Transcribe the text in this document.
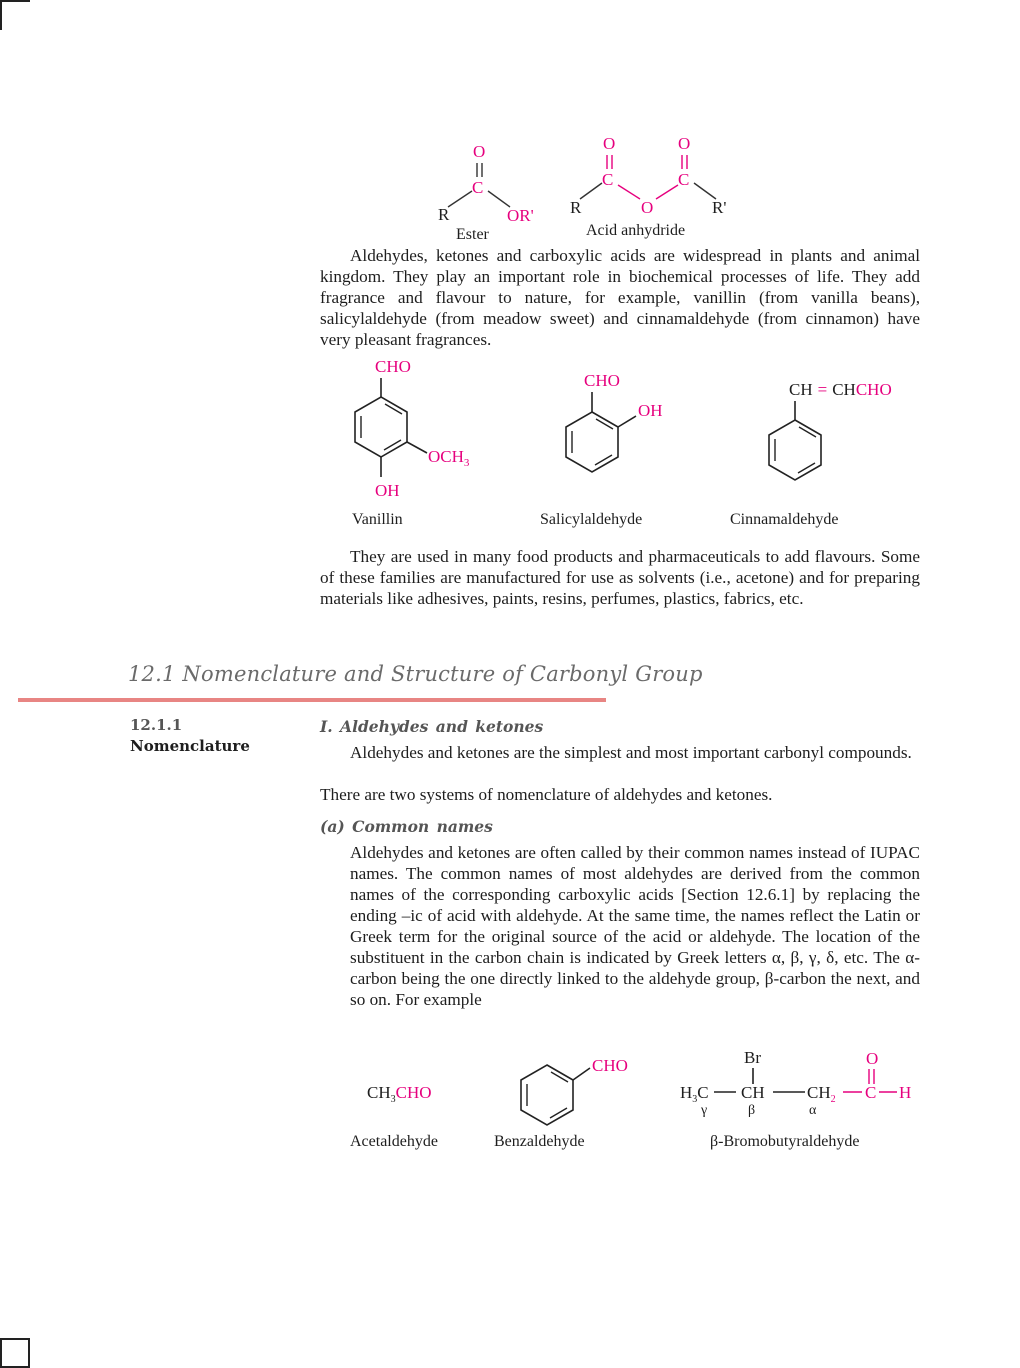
O
C
R	OR'
Ester
O
C
O
C
O
R	R'
Acid anhydride
Aldehydes, ketones and carboxylic acids are widespread in plants and animal kingdom. They play an important role in biochemical processes of life. They add fragrance and flavour to nature, for example, vanillin (from vanilla beans), salicylaldehyde (from meadow sweet) and cinnamaldehyde (from cinnamon) have very pleasant fragrances.
CHO
$OCH_3$
OH
Vanillin
CHO
OH
Salicylaldehyde
CH = CHCHO
Cinnamaldehyde
They are used in many food products and pharmaceuticals to add flavours. Some of these families are manufactured for use as solvents (i.e., acetone) and for preparing materials like adhesives, paints, resins, perfumes, plastics, fabrics, etc.
12.1 Nomenclature and Structure of Carbonyl Group
12.1.1
Nomenclature
I. Aldehydes and ketones
Aldehydes and ketones are the simplest and most important carbonyl compounds.
There are two systems of nomenclature of aldehydes and ketones.
(a) Common names
Aldehydes and ketones are often called by their common names instead of IUPAC names. The common names of most aldehydes are derived from the common names of the corresponding carboxylic acids [Section 12.6.1] by replacing the ending –ic of acid with aldehyde. At the same time, the names reflect the Latin or Greek term for the original source of the acid or aldehyde. The location of the substituent in the carbon chain is indicated by Greek letters α, β, γ, δ, etc. The α-carbon being the one directly linked to the aldehyde group, β-carbon the next, and so on. For example
$CH_3CHO$
Acetaldehyde
CHO
Benzaldehyde
Br	O
$H_3C$ CH $CH_2$ C H
γ	β	α
β-Bromobutyraldehyde
